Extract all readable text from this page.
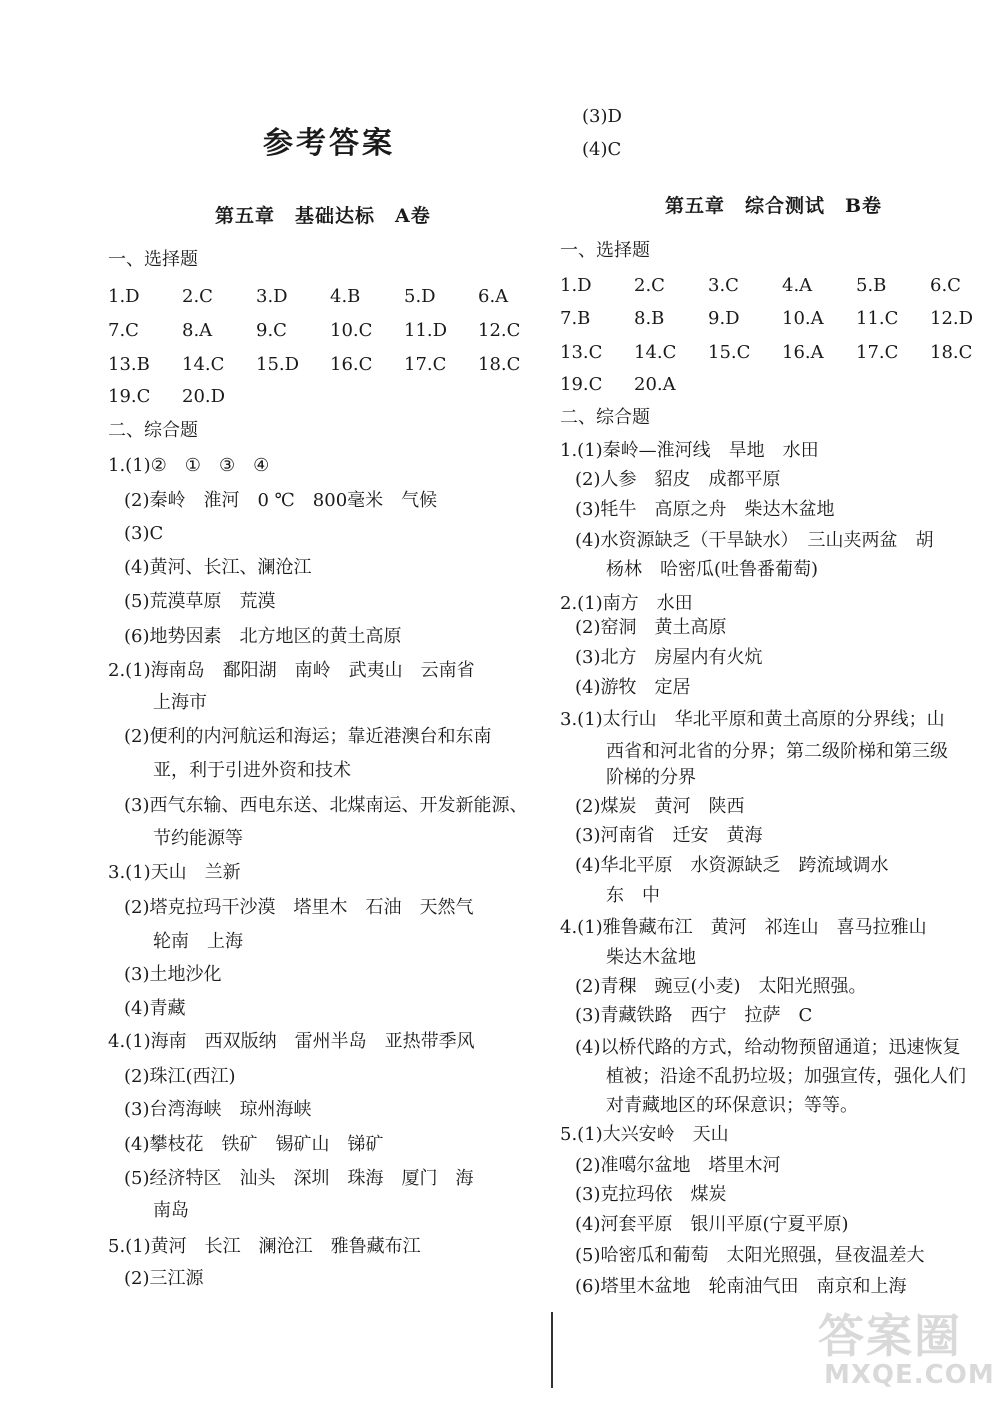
参考答案
第五章　基础达标　A卷
一、选择题
1.D 2.C 3.D 4.B 5.D 6.A
7.C 8.A 9.C 10.C 11.D 12.C
13.B 14.C 15.D 16.C 17.C 18.C
19.C 20.D
二、综合题
1.(1)②　①　③　④
(2)秦岭　淮河　0 ℃　800毫米　气候
(3)C
(4)黄河、长江、澜沧江
(5)荒漠草原　荒漠
(6)地势因素　北方地区的黄土高原
2.(1)海南岛　鄱阳湖　南岭　武夷山　云南省
上海市
(2)便利的内河航运和海运；靠近港澳台和东南
亚，利于引进外资和技术
(3)西气东输、西电东送、北煤南运、开发新能源、
节约能源等
3.(1)天山　兰新
(2)塔克拉玛干沙漠　塔里木　石油　天然气
轮南　上海
(3)土地沙化
(4)青藏
4.(1)海南　西双版纳　雷州半岛　亚热带季风
(2)珠江(西江)
(3)台湾海峡　琼州海峡
(4)攀枝花　铁矿　锡矿山　锑矿
(5)经济特区　汕头　深圳　珠海　厦门　海
南岛
5.(1)黄河　长江　澜沧江　雅鲁藏布江
(2)三江源
(3)D
(4)C
第五章　综合测试　B卷
一、选择题
1.D 2.C 3.C 4.A 5.B 6.C
7.B 8.B 9.D 10.A 11.C 12.D
13.C 14.C 15.C 16.A 17.C 18.C
19.C 20.A
二、综合题
1.(1)秦岭—淮河线　旱地　水田
(2)人参　貂皮　成都平原
(3)牦牛　高原之舟　柴达木盆地
(4)水资源缺乏（干旱缺水）　三山夹两盆　胡
杨林　哈密瓜(吐鲁番葡萄)
2.(1)南方　水田
(2)窑洞　黄土高原
(3)北方　房屋内有火炕
(4)游牧　定居
3.(1)太行山　华北平原和黄土高原的分界线；山
西省和河北省的分界；第二级阶梯和第三级
阶梯的分界
(2)煤炭　黄河　陕西
(3)河南省　迁安　黄海
(4)华北平原　水资源缺乏　跨流域调水
东　中
4.(1)雅鲁藏布江　黄河　祁连山　喜马拉雅山
柴达木盆地
(2)青稞　豌豆(小麦)　太阳光照强。
(3)青藏铁路　西宁　拉萨　C
(4)以桥代路的方式，给动物预留通道；迅速恢复
植被；沿途不乱扔垃圾；加强宣传，强化人们
对青藏地区的环保意识；等等。
5.(1)大兴安岭　天山
(2)准噶尔盆地　塔里木河
(3)克拉玛依　煤炭
(4)河套平原　银川平原(宁夏平原)
(5)哈密瓜和葡萄　太阳光照强，昼夜温差大
(6)塔里木盆地　轮南油气田　南京和上海
答案圈
MXQE.COM
